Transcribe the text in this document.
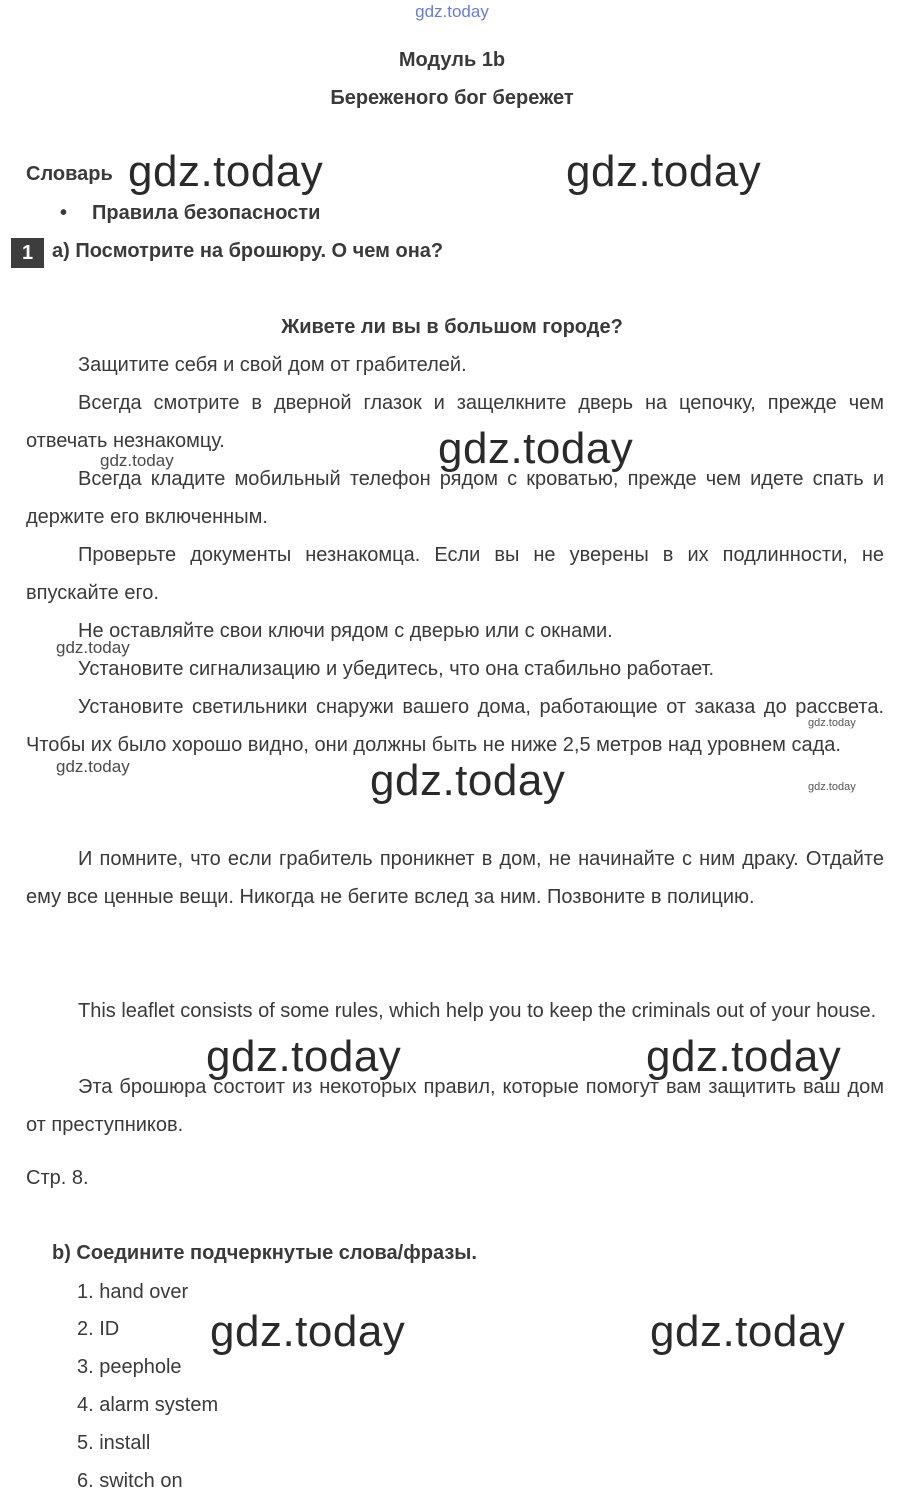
gdz.today
Модуль 1b
Береженого бог бережет
Словарь gdz.today	gdz.today
• Правила безопасности
1 a) Посмотрите на брошюру. О чем она?
Живете ли вы в большом городе?
Защитите себя и свой дом от грабителей.
Всегда смотрите в дверной глазок и защелкните дверь на цепочку, прежде чем отвечать незнакомцу.
Всегда кладите мобильный телефон рядом с кроватью, прежде чем идете спать и держите его включенным.
Проверьте документы незнакомца. Если вы не уверены в их подлинности, не впускайте его.
Не оставляйте свои ключи рядом с дверью или с окнами.
Установите сигнализацию и убедитесь, что она стабильно работает.
Установите светильники снаружи вашего дома, работающие от заказа до рассвета. Чтобы их было хорошо видно, они должны быть не ниже 2,5 метров над уровнем сада.
И помните, что если грабитель проникнет в дом, не начинайте с ним драку. Отдайте ему все ценные вещи. Никогда не бегите вслед за ним. Позвоните в полицию.
gdz.today
gdz.today
gdz.today
gdz.today
gdz.today	gdz.today	gdz.today
This leaflet consists of some rules, which help you to keep the criminals out of your house.
Эта брошюра состоит из некоторых правил, которые помогут вам защитить ваш дом от преступников.
gdz.today	gdz.today
Стр. 8.
b) Соедините подчеркнутые слова/фразы.
1. hand over
2. ID
3. peephole
4. alarm system
5. install
6. switch on
gdz.today	gdz.today
